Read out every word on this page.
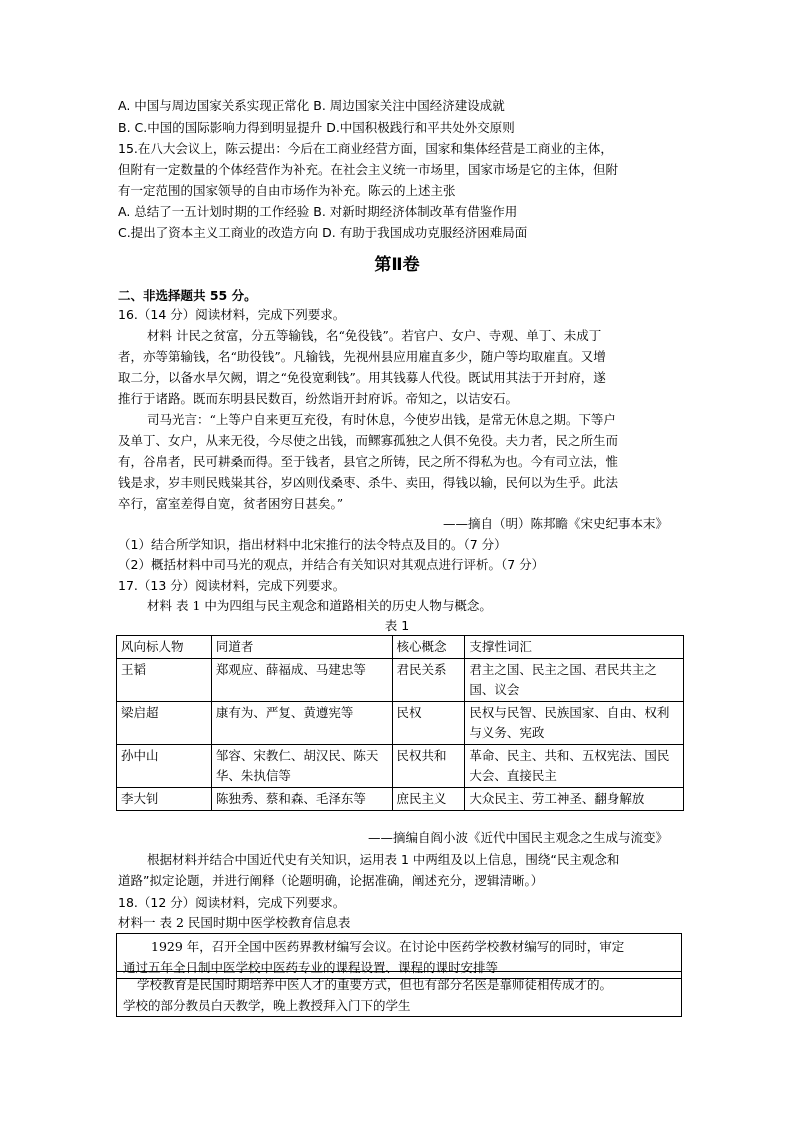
A. 中国与周边国家关系实现正常化 B. 周边国家关注中国经济建设成就
B. C.中国的国际影响力得到明显提升 D.中国积极践行和平共处外交原则
15.在八大会议上，陈云提出：今后在工商业经营方面，国家和集体经营是工商业的主体，
但附有一定数量的个体经营作为补充。在社会主义统一市场里，国家市场是它的主体，但附
有一定范围的国家领导的自由市场作为补充。陈云的上述主张
A. 总结了一五计划时期的工作经验 B. 对新时期经济体制改革有借鉴作用
C.提出了资本主义工商业的改造方向 D. 有助于我国成功克服经济困难局面
第Ⅱ卷
二、非选择题共 55 分。
16.（14 分）阅读材料，完成下列要求。
材料 计民之贫富，分五等输钱，名“免役钱”。若官户、女户、寺观、单丁、未成丁
者，亦等第输钱，名“助役钱”。凡输钱，先视州县应用雇直多少，随户等均取雇直。又增
取二分，以备水旱欠阙，谓之“免役宽剩钱”。用其钱募人代役。既试用其法于开封府，遂
推行于诸路。既而东明县民数百，纷然诣开封府诉。帝知之，以诘安石。
司马光言：“上等户自来更互充役，有时休息，今使岁出钱，是常无休息之期。下等户
及单丁、女户，从来无役，今尽使之出钱，而鳏寡孤独之人俱不免役。夫力者，民之所生而
有，谷帛者，民可耕桑而得。至于钱者，县官之所铸，民之所不得私为也。今有司立法，惟
钱是求，岁丰则民贱粜其谷，岁凶则伐桑枣、杀牛、卖田，得钱以输，民何以为生乎。此法
卒行，富室差得自宽，贫者困穷日甚矣。”
——摘自（明）陈邦瞻《宋史纪事本末》
（1）结合所学知识，指出材料中北宋推行的法令特点及目的。（7 分）
（2）概括材料中司马光的观点，并结合有关知识对其观点进行评析。（7 分）
17.（13 分）阅读材料，完成下列要求。
材料 表 1 中为四组与民主观念和道路相关的历史人物与概念。
表 1
风向标人物	同道者	核心概念	支撑性词汇
王韬	郑观应、薛福成、马建忠等	君民关系	君主之国、民主之国、君民共主之国、议会
梁启超	康有为、严复、黄遵宪等	民权	民权与民智、民族国家、自由、权利与义务、宪政
孙中山	邹容、宋教仁、胡汉民、陈天华、朱执信等	民权共和	革命、民主、共和、五权宪法、国民大会、直接民主
李大钊	陈独秀、蔡和森、毛泽东等	庶民主义	大众民主、劳工神圣、翻身解放
——摘编自阎小波《近代中国民主观念之生成与流变》
根据材料并结合中国近代史有关知识，运用表 1 中两组及以上信息，围绕“民主观念和
道路”拟定论题，并进行阐释（论题明确，论据准确，阐述充分，逻辑清晰。）
18.（12 分）阅读材料，完成下列要求。
材料一 表 2 民国时期中医学校教育信息表
1929 年，召开全国中医药界教材编写会议。在讨论中医药学校教材编写的同时，审定
通过五年全日制中医学校中医药专业的课程设置、课程的课时安排等
学校教育是民国时期培养中医人才的重要方式，但也有部分名医是靠师徒相传成才的。
学校的部分教员白天教学，晚上教授拜入门下的学生
